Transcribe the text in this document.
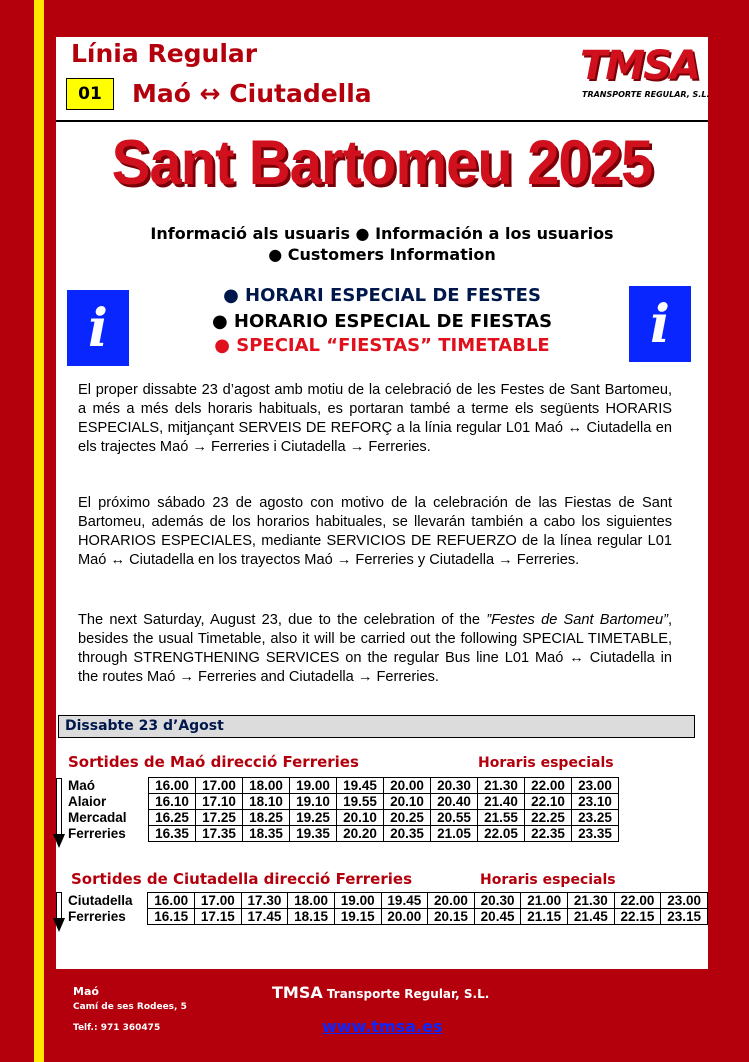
Línia Regular
01	Maó ↔ Ciutadella
TMSA
TRANSPORTE REGULAR, S.L.
Sant Bartomeu 2025
Informació als usuaris ● Información a los usuarios
● Customers Information
i	i
● HORARI ESPECIAL DE FESTES
● HORARIO ESPECIAL DE FIESTAS
● SPECIAL “FIESTAS” TIMETABLE

El proper dissabte 23 d’agost amb motiu de la celebració de les Festes de Sant Bartomeu, a més a més dels horaris habituals, es portaran també a terme els següents HORARIS ESPECIALS, mitjançant SERVEIS DE REFORÇ a la línia regular L01 Maó ↔ Ciutadella en els trajectes Maó → Ferreries i Ciutadella → Ferreries.

El próximo sábado 23 de agosto con motivo de la celebración de las Fiestas de Sant Bartomeu, además de los horarios habituales, se llevarán también a cabo los siguientes HORARIOS ESPECIALES, mediante SERVICIOS DE REFUERZO de la línea regular L01 Maó ↔ Ciutadella en los trayectos Maó → Ferreries y Ciutadella → Ferreries.

The next Saturday, August 23, due to the celebration of the ”Festes de Sant Bartomeu”, besides the usual Timetable, also it will be carried out the following SPECIAL TIMETABLE, through STRENGTHENING SERVICES on the regular Bus line L01 Maó ↔ Ciutadella in the routes Maó → Ferreries and Ciutadella → Ferreries.

Dissabte 23 d’Agost
Sortides de Maó direcció Ferreries	Horaris especials
Maó	16.00	17.00	18.00	19.00	19.45	20.00	20.30	21.30	22.00	23.00
Alaior	16.10	17.10	18.10	19.10	19.55	20.10	20.40	21.40	22.10	23.10
Mercadal	16.25	17.25	18.25	19.25	20.10	20.25	20.55	21.55	22.25	23.25
Ferreries	16.35	17.35	18.35	19.35	20.20	20.35	21.05	22.05	22.35	23.35
Sortides de Ciutadella direcció Ferreries	Horaris especials
Ciutadella	16.00	17.00	17.30	18.00	19.00	19.45	20.00	20.30	21.00	21.30	22.00	23.00
Ferreries	16.15	17.15	17.45	18.15	19.15	20.00	20.15	20.45	21.15	21.45	22.15	23.15
Maó
Camí de ses Rodees, 5
Telf.: 971 360475
TMSA Transporte Regular, S.L.
www.tmsa.es
